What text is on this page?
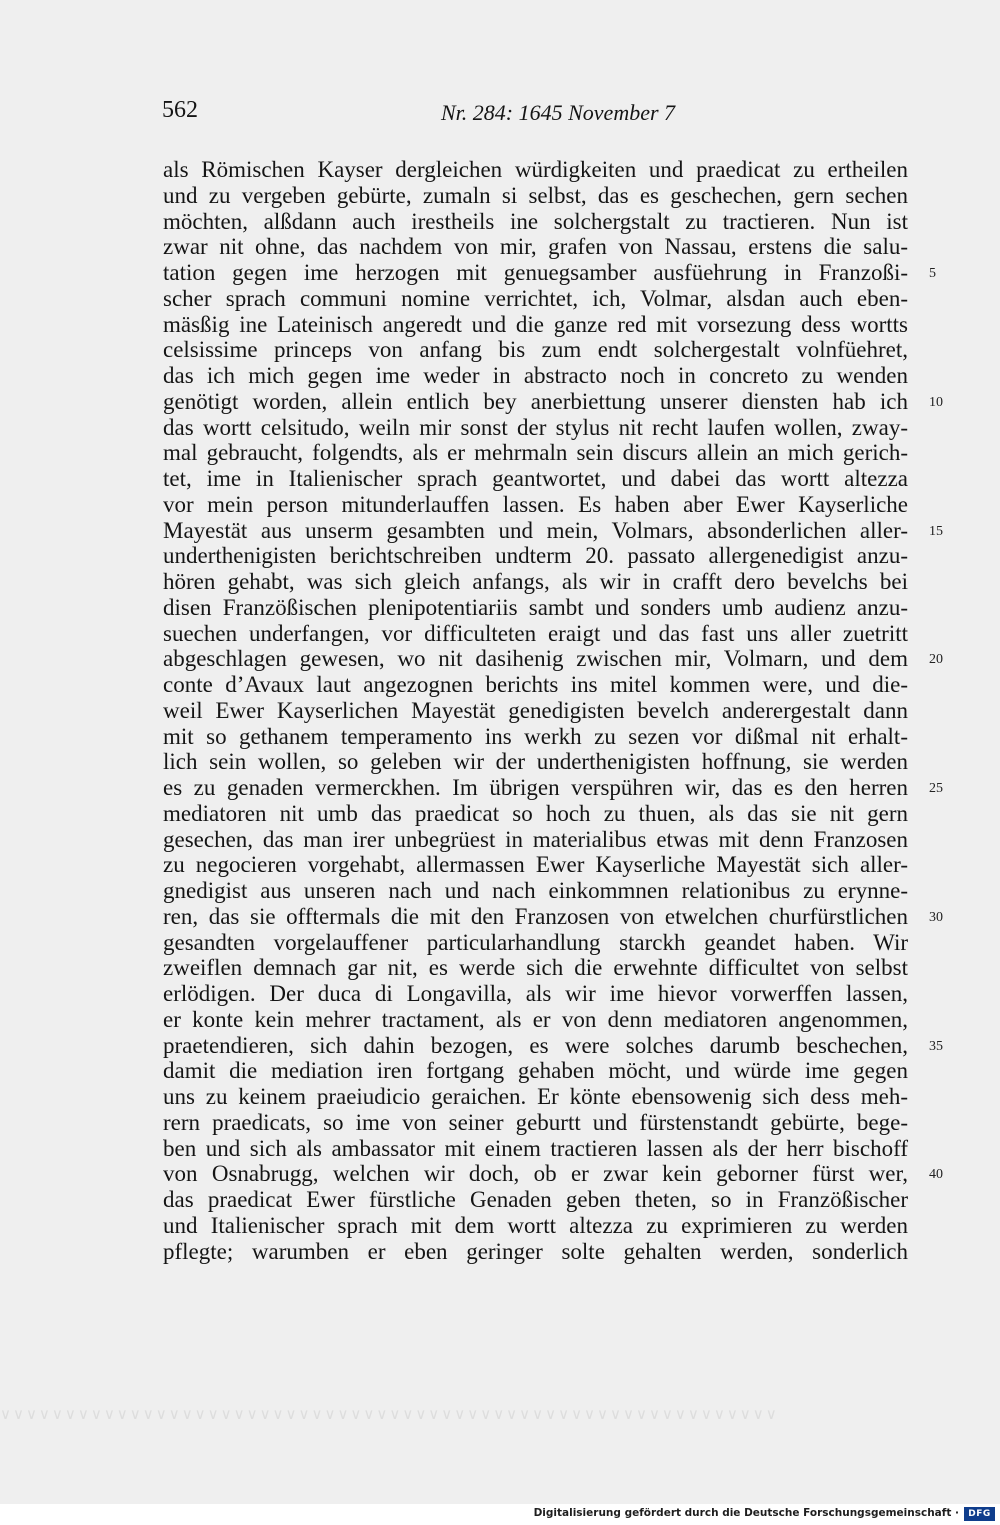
562	Nr. 284: 1645 November 7
als Römischen Kayser dergleichen würdigkeiten und praedicat zu ertheilen
und zu vergeben gebürte, zumaln si selbst, das es geschechen, gern sechen
möchten, alßdann auch irestheils ine solchergstalt zu tractieren. Nun ist
zwar nit ohne, das nachdem von mir, grafen von Nassau, erstens die salu-
tation gegen ime herzogen mit genuegsamber ausfüehrung in Franzoßi- 5
scher sprach communi nomine verrichtet, ich, Volmar, alsdan auch eben-
mäsßig ine Lateinisch angeredt und die ganze red mit vorsezung dess wortts
celsissime princeps von anfang bis zum endt solchergestalt volnfüehret,
das ich mich gegen ime weder in abstracto noch in concreto zu wenden
genötigt worden, allein entlich bey anerbiettung unserer diensten hab ich 10
das wortt celsitudo, weiln mir sonst der stylus nit recht laufen wollen, zway-
mal gebraucht, folgendts, als er mehrmaln sein discurs allein an mich gerich-
tet, ime in Italienischer sprach geantwortet, und dabei das wortt altezza
vor mein person mitunderlauffen lassen. Es haben aber Ewer Kayserliche
Mayestät aus unserm gesambten und mein, Volmars, absonderlichen aller- 15
underthenigisten berichtschreiben undterm 20. passato allergenedigist anzu-
hören gehabt, was sich gleich anfangs, als wir in crafft dero bevelchs bei
disen Franzößischen plenipotentiariis sambt und sonders umb audienz anzu-
suechen underfangen, vor difficulteten eraigt und das fast uns aller zuetritt
abgeschlagen gewesen, wo nit dasihenig zwischen mir, Volmarn, und dem 20
conte d’Avaux laut angezognen berichts ins mitel kommen were, und die-
weil Ewer Kayserlichen Mayestät genedigisten bevelch anderergestalt dann
mit so gethanem temperamento ins werkh zu sezen vor dißmal nit erhalt-
lich sein wollen, so geleben wir der underthenigisten hoffnung, sie werden
es zu genaden vermerckhen. Im übrigen verspühren wir, das es den herren 25
mediatoren nit umb das praedicat so hoch zu thuen, als das sie nit gern
gesechen, das man irer unbegrüest in materialibus etwas mit denn Franzosen
zu negocieren vorgehabt, allermassen Ewer Kayserliche Mayestät sich aller-
gnedigist aus unseren nach und nach einkommnen relationibus zu erynne-
ren, das sie offtermals die mit den Franzosen von etwelchen churfürstlichen 30
gesandten vorgelauffener particularhandlung starckh geandet haben. Wir
zweiflen demnach gar nit, es werde sich die erwehnte difficultet von selbst
erlödigen. Der duca di Longavilla, als wir ime hievor vorwerffen lassen,
er konte kein mehrer tractament, als er von denn mediatoren angenommen,
praetendieren, sich dahin bezogen, es were solches darumb beschechen, 35
damit die mediation iren fortgang gehaben möcht, und würde ime gegen
uns zu keinem praeiudicio geraichen. Er könte ebensowenig sich dess meh-
rern praedicats, so ime von seiner geburtt und fürstenstandt gebürte, bege-
ben und sich als ambassator mit einem tractieren lassen als der herr bischoff
von Osnabrugg, welchen wir doch, ob er zwar kein geborner fürst wer, 40
das praedicat Ewer fürstliche Genaden geben theten, so in Franzößischer
und Italienischer sprach mit dem wortt altezza zu exprimieren zu werden
pflegte; warumben er eben geringer solte gehalten werden, sonderlich
∨∨∨∨∨∨∨∨∨∨∨∨∨∨∨∨∨∨∨∨∨∨∨∨∨∨∨∨∨∨∨∨∨∨∨∨∨∨∨∨∨∨∨∨∨∨∨∨∨∨∨∨∨∨∨∨∨∨∨∨
Digitalisierung gefördert durch die Deutsche Forschungsgemeinschaft ·	DFG
